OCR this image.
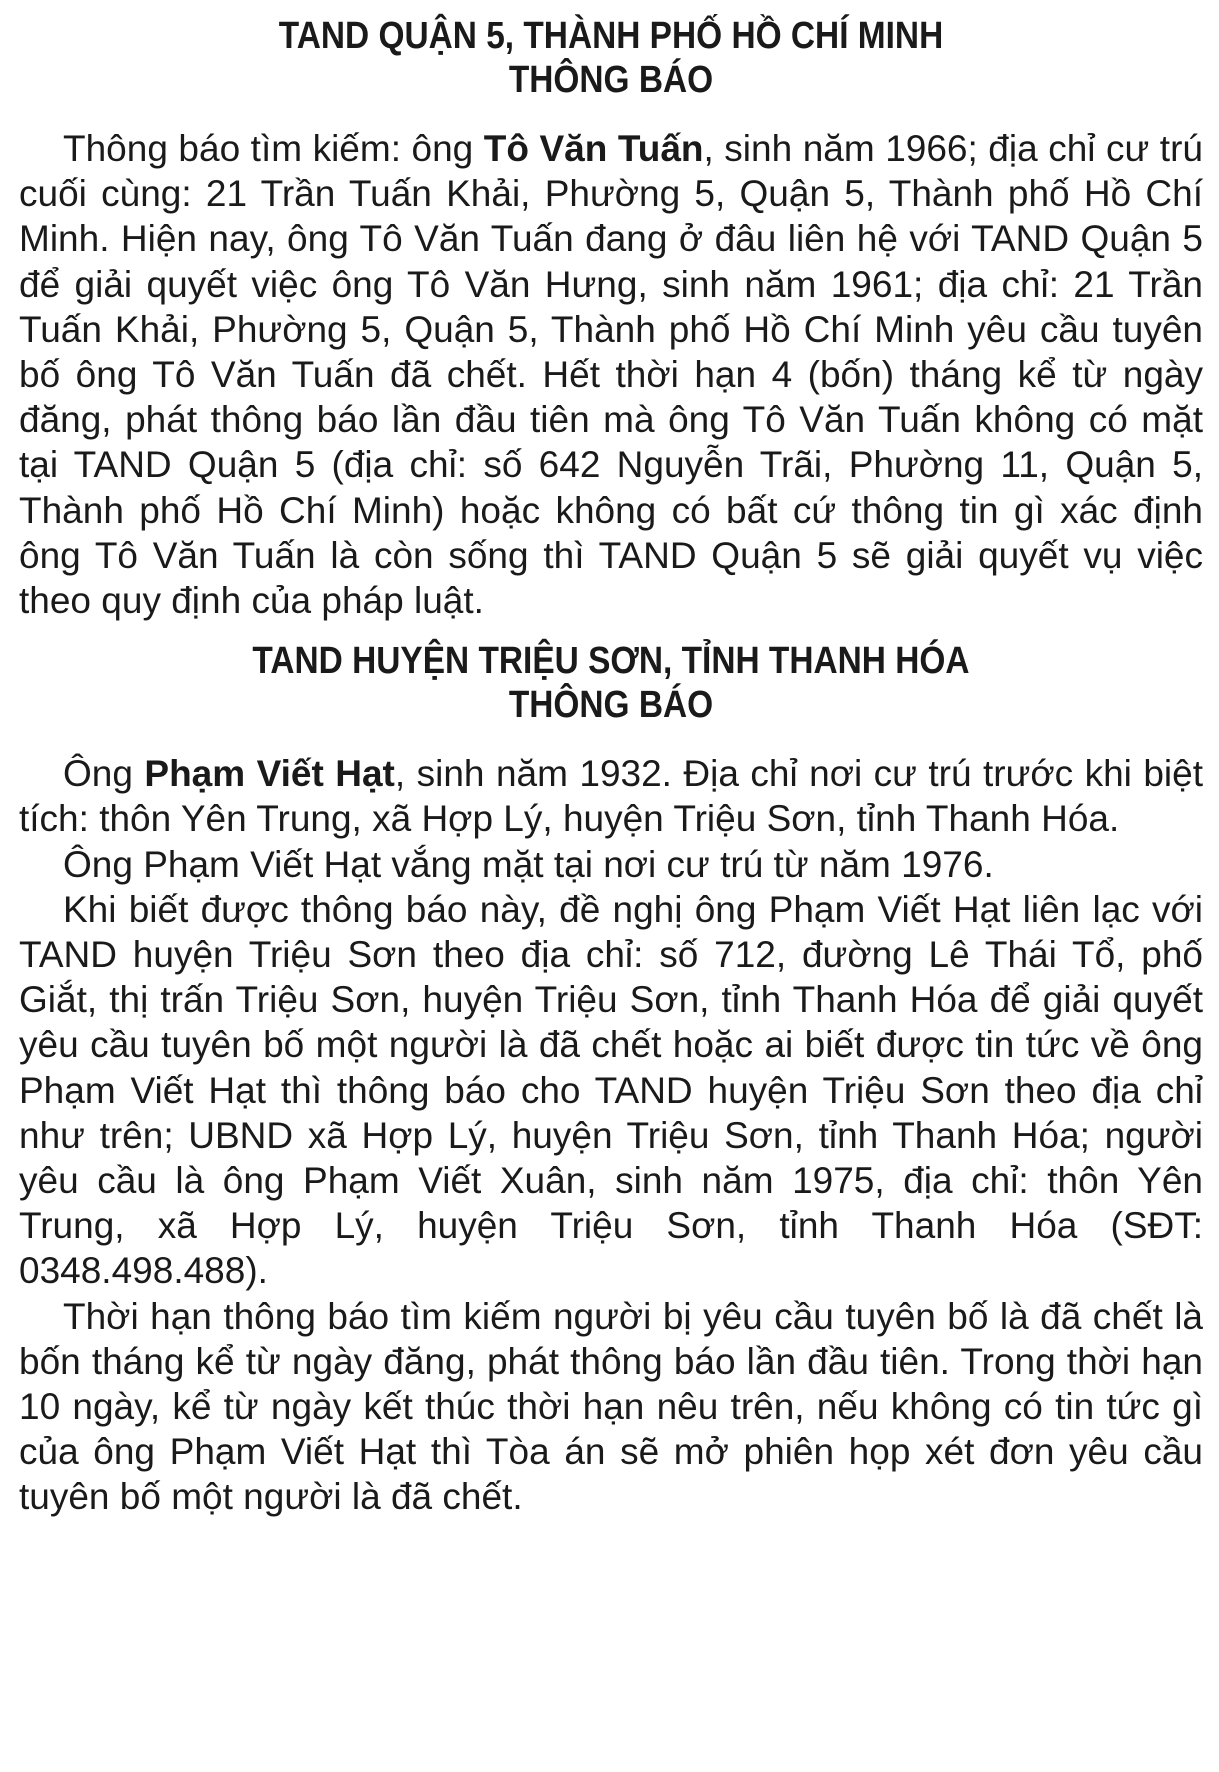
TAND QUẬN 5, THÀNH PHỐ HỒ CHÍ MINH
THÔNG BÁO

Thông báo tìm kiếm: ông Tô Văn Tuấn, sinh năm 1966; địa chỉ cư trú cuối cùng: 21 Trần Tuấn Khải, Phường 5, Quận 5, Thành phố Hồ Chí Minh. Hiện nay, ông Tô Văn Tuấn đang ở đâu liên hệ với TAND Quận 5 để giải quyết việc ông Tô Văn Hưng, sinh năm 1961; địa chỉ: 21 Trần Tuấn Khải, Phường 5, Quận 5, Thành phố Hồ Chí Minh yêu cầu tuyên bố ông Tô Văn Tuấn đã chết. Hết thời hạn 4 (bốn) tháng kể từ ngày đăng, phát thông báo lần đầu tiên mà ông Tô Văn Tuấn không có mặt tại TAND Quận 5 (địa chỉ: số 642 Nguyễn Trãi, Phường 11, Quận 5, Thành phố Hồ Chí Minh) hoặc không có bất cứ thông tin gì xác định ông Tô Văn Tuấn là còn sống thì TAND Quận 5 sẽ giải quyết vụ việc theo quy định của pháp luật.

TAND HUYỆN TRIỆU SƠN, TỈNH THANH HÓA
THÔNG BÁO

Ông Phạm Viết Hạt, sinh năm 1932. Địa chỉ nơi cư trú trước khi biệt tích: thôn Yên Trung, xã Hợp Lý, huyện Triệu Sơn, tỉnh Thanh Hóa.

Ông Phạm Viết Hạt vắng mặt tại nơi cư trú từ năm 1976.

Khi biết được thông báo này, đề nghị ông Phạm Viết Hạt liên lạc với TAND huyện Triệu Sơn theo địa chỉ: số 712, đường Lê Thái Tổ, phố Giắt, thị trấn Triệu Sơn, huyện Triệu Sơn, tỉnh Thanh Hóa để giải quyết yêu cầu tuyên bố một người là đã chết hoặc ai biết được tin tức về ông Phạm Viết Hạt thì thông báo cho TAND huyện Triệu Sơn theo địa chỉ như trên; UBND xã Hợp Lý, huyện Triệu Sơn, tỉnh Thanh Hóa; người yêu cầu là ông Phạm Viết Xuân, sinh năm 1975, địa chỉ: thôn Yên Trung, xã Hợp Lý, huyện Triệu Sơn, tỉnh Thanh Hóa (SĐT: 0348.498.488).

Thời hạn thông báo tìm kiếm người bị yêu cầu tuyên bố là đã chết là bốn tháng kể từ ngày đăng, phát thông báo lần đầu tiên. Trong thời hạn 10 ngày, kể từ ngày kết thúc thời hạn nêu trên, nếu không có tin tức gì của ông Phạm Viết Hạt thì Tòa án sẽ mở phiên họp xét đơn yêu cầu tuyên bố một người là đã chết.
